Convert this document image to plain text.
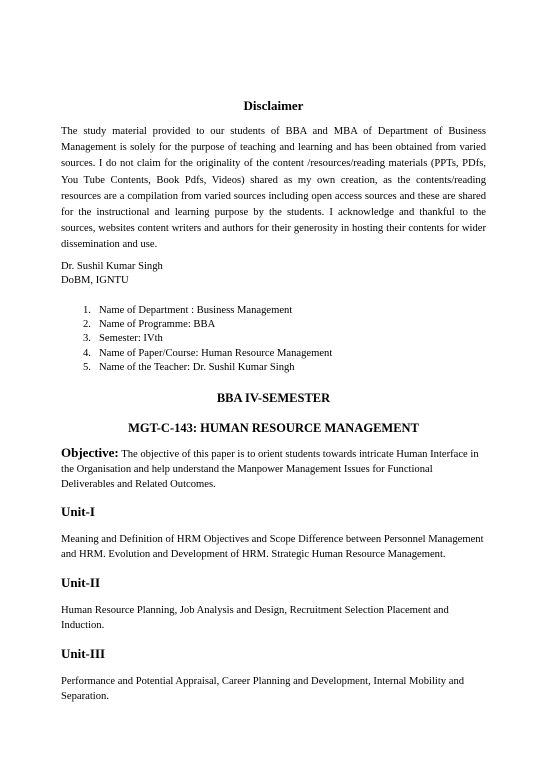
Disclaimer

The study material provided to our students of BBA and MBA of Department of Business Management is solely for the purpose of teaching and learning and has been obtained from varied sources. I do not claim for the originality of the content /resources/reading materials (PPTs, PDfs, You Tube Contents, Book Pdfs, Videos) shared as my own creation, as the contents/reading resources are a compilation from varied sources including open access sources and these are shared for the instructional and learning purpose by the students. I acknowledge and thankful to the sources, websites content writers and authors for their generosity in hosting their contents for wider dissemination and use.

Dr. Sushil Kumar Singh
DoBM, IGNTU
1. Name of Department : Business Management
2. Name of Programme: BBA
3. Semester: IVth
4. Name of Paper/Course: Human Resource Management
5. Name of the Teacher: Dr. Sushil Kumar Singh
BBA IV-SEMESTER
MGT-C-143: HUMAN RESOURCE MANAGEMENT

Objective: The objective of this paper is to orient students towards intricate Human Interface in the Organisation and help understand the Manpower Management Issues for Functional Deliverables and Related Outcomes.

Unit-I

Meaning and Definition of HRM Objectives and Scope Difference between Personnel Management and HRM. Evolution and Development of HRM. Strategic Human Resource Management.

Unit-II

Human Resource Planning, Job Analysis and Design, Recruitment Selection Placement and Induction.

Unit-III

Performance and Potential Appraisal, Career Planning and Development, Internal Mobility and Separation.
